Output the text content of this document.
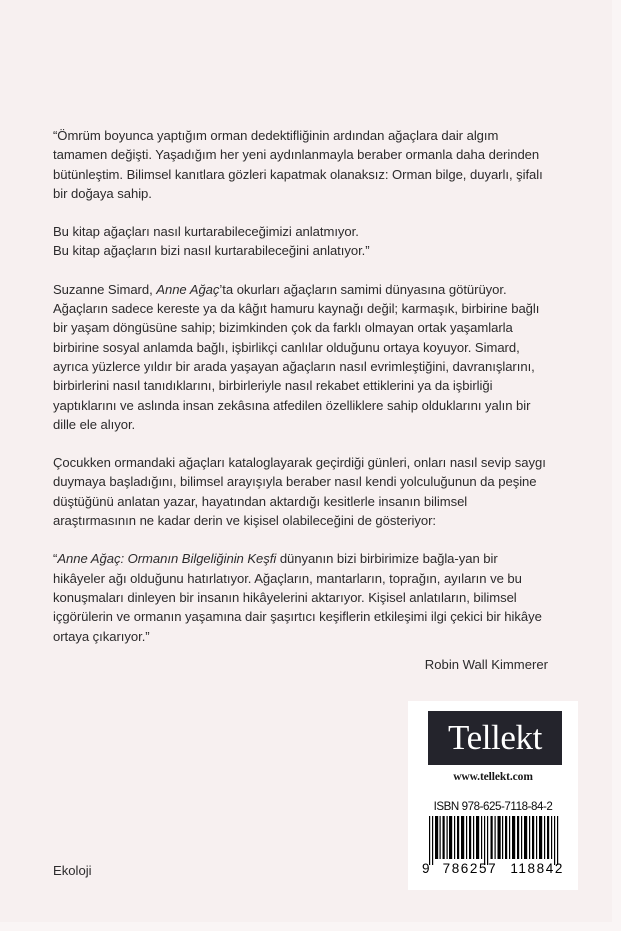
“Ömrüm boyunca yaptığım orman dedektifliğinin ardından ağaçlara dair algım tamamen değişti. Yaşadığım her yeni aydınlanmayla beraber ormanla daha derinden bütünleştim. Bilimsel kanıtlara gözleri kapatmak olanaksız: Orman bilge, duyarlı, şifalı bir doğaya sahip.

Bu kitap ağaçları nasıl kurtarabileceğimizi anlatmıyor.
Bu kitap ağaçların bizi nasıl kurtarabileceğini anlatıyor.”

Suzanne Simard, Anne Ağaç’ta okurları ağaçların samimi dünyasına götürüyor. Ağaçların sadece kereste ya da kâğıt hamuru kaynağı değil; karmaşık, birbirine bağlı bir yaşam döngüsüne sahip; bizimkinden çok da farklı olmayan ortak yaşamlarla birbirine sosyal anlamda bağlı, işbirlikçi canlılar olduğunu ortaya koyuyor. Simard, ayrıca yüzlerce yıldır bir arada yaşayan ağaçların nasıl evrimleştiğini, davranışlarını, birbirlerini nasıl tanıdıklarını, birbirleriyle nasıl rekabet ettiklerini ya da işbirliği yaptıklarını ve aslında insan zekâsına atfedilen özelliklere sahip olduklarını yalın bir dille ele alıyor.

Çocukken ormandaki ağaçları kataloglayarak geçirdiği günleri, onları nasıl sevip saygı duymaya başladığını, bilimsel arayışıyla beraber nasıl kendi yolculuğunun da peşine düştüğünü anlatan yazar, hayatından aktardığı kesitlerle insanın bilimsel araştırmasının ne kadar derin ve kişisel olabileceğini de gösteriyor:

“Anne Ağaç: Ormanın Bilgeliğinin Keşfi dünyanın bizi birbirimize bağla-yan bir hikâyeler ağı olduğunu hatırlatıyor. Ağaçların, mantarların, toprağın, ayıların ve bu konuşmaları dinleyen bir insanın hikâyelerini aktarıyor. Kişisel anlatıların, bilimsel içgörülerin ve ormanın yaşamına dair şaşırtıcı keşiflerin etkileşimi ilgi çekici bir hikâye ortaya çıkarıyor.”

Robin Wall Kimmerer
Tellekt
www.tellekt.com
ISBN 978-625-7118-84-2
9 786257 118842
Ekoloji
